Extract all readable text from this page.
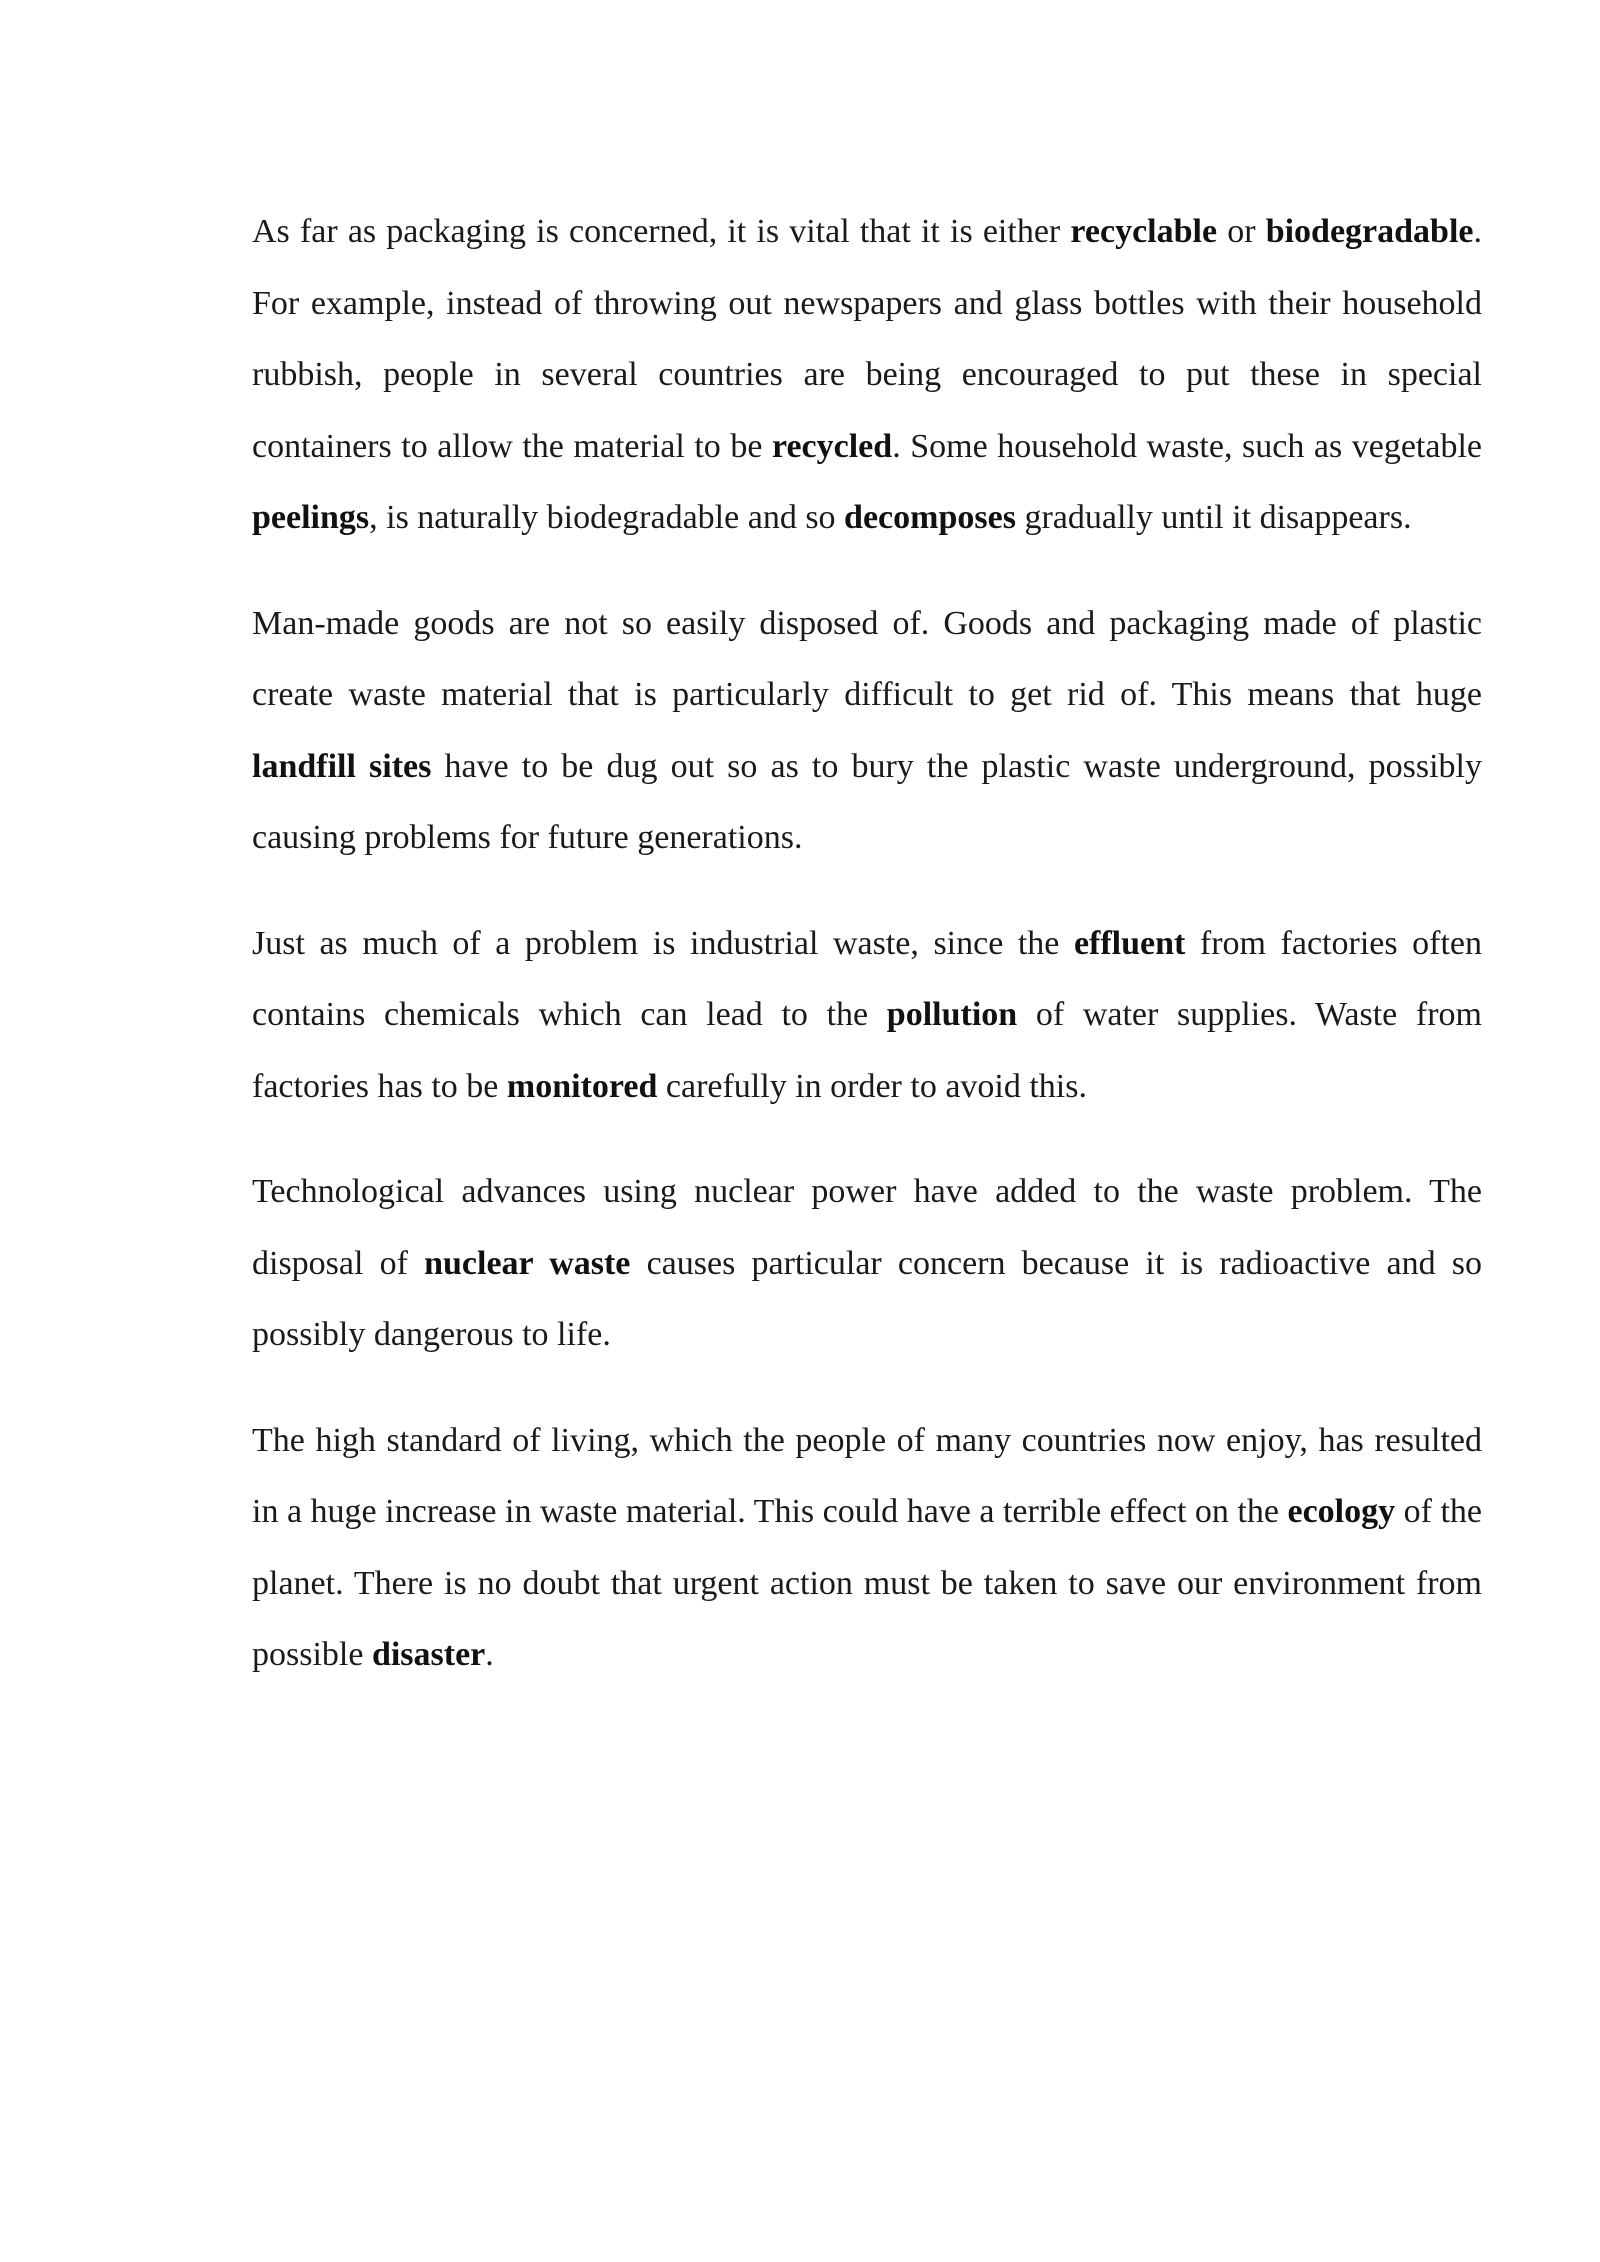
As far as packaging is concerned, it is vital that it is either recyclable or biodegradable. For example, instead of throwing out newspapers and glass bottles with their household rubbish, people in several countries are being encouraged to put these in special containers to allow the material to be recycled. Some household waste, such as vegetable peelings, is naturally biodegradable and so decomposes gradually until it disappears.

Man-made goods are not so easily disposed of. Goods and packaging made of plastic create waste material that is particularly difficult to get rid of. This means that huge landfill sites have to be dug out so as to bury the plastic waste underground, possibly causing problems for future generations.

Just as much of a problem is industrial waste, since the effluent from factories often contains chemicals which can lead to the pollution of water supplies. Waste from factories has to be monitored carefully in order to avoid this.

Technological advances using nuclear power have added to the waste problem. The disposal of nuclear waste causes particular concern because it is radioactive and so possibly dangerous to life.

The high standard of living, which the people of many countries now enjoy, has resulted in a huge increase in waste material. This could have a terrible effect on the ecology of the planet. There is no doubt that urgent action must be taken to save our environment from possible disaster.
